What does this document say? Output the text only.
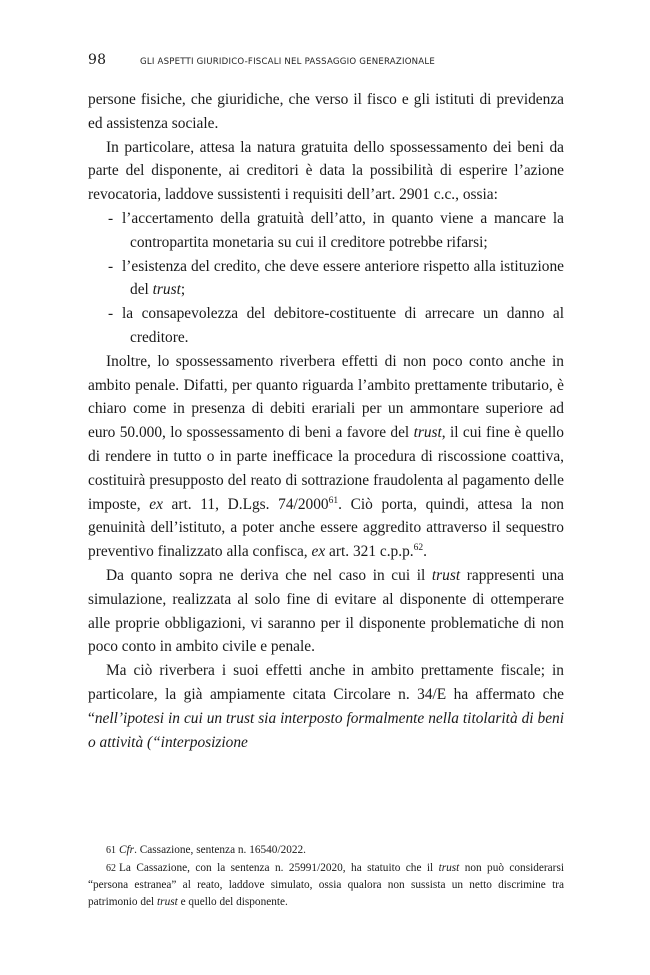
98	GLI ASPETTI GIURIDICO-FISCALI NEL PASSAGGIO GENERAZIONALE

persone fisiche, che giuridiche, che verso il fisco e gli istituti di previdenza ed assistenza sociale.

In particolare, attesa la natura gratuita dello spossessamento dei beni da parte del disponente, ai creditori è data la possibilità di esperire l’azione revocatoria, laddove sussistenti i requisiti dell’art. 2901 c.c., ossia:

- l’accertamento della gratuità dell’atto, in quanto viene a mancare la contropartita monetaria su cui il creditore potrebbe rifarsi;
- l’esistenza del credito, che deve essere anteriore rispetto alla istituzione del trust;
- la consapevolezza del debitore-costituente di arrecare un danno al creditore.

Inoltre, lo spossessamento riverbera effetti di non poco conto anche in ambito penale. Difatti, per quanto riguarda l’ambito prettamente tributario, è chiaro come in presenza di debiti erariali per un ammontare superiore ad euro 50.000, lo spossessamento di beni a favore del trust, il cui fine è quello di rendere in tutto o in parte inefficace la procedura di riscossione coattiva, costituirà presupposto del reato di sottrazione fraudolenta al pagamento delle imposte, ex art. 11, D.Lgs. 74/2000$^{61}$. Ciò porta, quindi, attesa la non genuinità dell’istituto, a poter anche essere aggredito attraverso il sequestro preventivo finalizzato alla confisca, ex art. 321 c.p.p.$^{62}$.

Da quanto sopra ne deriva che nel caso in cui il trust rappresenti una simulazione, realizzata al solo fine di evitare al disponente di ottemperare alle proprie obbligazioni, vi saranno per il disponente problematiche di non poco conto in ambito civile e penale.

Ma ciò riverbera i suoi effetti anche in ambito prettamente fiscale; in particolare, la già ampiamente citata Circolare n. 34/E ha affermato che “nell’ipotesi in cui un trust sia interposto formalmente nella titolarità di beni o attività (“interposizione

61 Cfr. Cassazione, sentenza n. 16540/2022.

62 La Cassazione, con la sentenza n. 25991/2020, ha statuito che il trust non può considerarsi “persona estranea” al reato, laddove simulato, ossia qualora non sussista un netto discrimine tra patrimonio del trust e quello del disponente.
